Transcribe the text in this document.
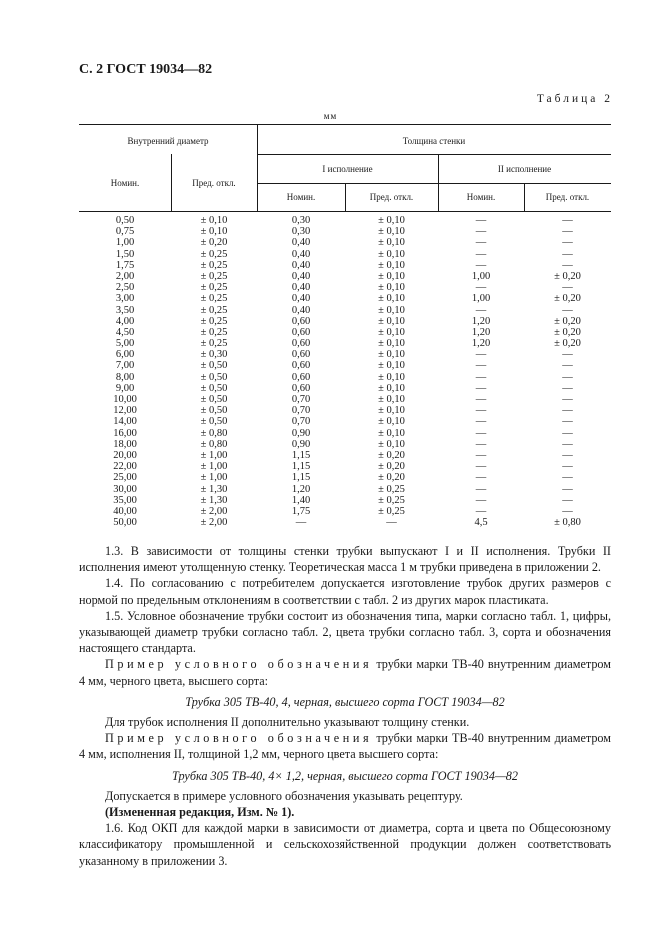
С. 2 ГОСТ 19034—82
Таблица 2
мм
Внутренний диаметр	Толщина стенки
Номин.	Пред. откл.
I исполнение	II исполнение
Номин.	Пред. откл.	Номин.	Пред. откл.
0,50	± 0,10	0,30	± 0,10	—	—
0,75	± 0,10	0,30	± 0,10	—	—
1,00	± 0,20	0,40	± 0,10	—	—
1,50	± 0,25	0,40	± 0,10	—	—
1,75	± 0,25	0,40	± 0,10	—	—
2,00	± 0,25	0,40	± 0,10	1,00	± 0,20
2,50	± 0,25	0,40	± 0,10	—	—
3,00	± 0,25	0,40	± 0,10	1,00	± 0,20
3,50	± 0,25	0,40	± 0,10	—	—
4,00	± 0,25	0,60	± 0,10	1,20	± 0,20
4,50	± 0,25	0,60	± 0,10	1,20	± 0,20
5,00	± 0,25	0,60	± 0,10	1,20	± 0,20
6,00	± 0,30	0,60	± 0,10	—	—
7,00	± 0,50	0,60	± 0,10	—	—
8,00	± 0,50	0,60	± 0,10	—	—
9,00	± 0,50	0,60	± 0,10	—	—
10,00	± 0,50	0,70	± 0,10	—	—
12,00	± 0,50	0,70	± 0,10	—	—
14,00	± 0,50	0,70	± 0,10	—	—
16,00	± 0,80	0,90	± 0,10	—	—
18,00	± 0,80	0,90	± 0,10	—	—
20,00	± 1,00	1,15	± 0,20	—	—
22,00	± 1,00	1,15	± 0,20	—	—
25,00	± 1,00	1,15	± 0,20	—	—
30,00	± 1,30	1,20	± 0,25	—	—
35,00	± 1,30	1,40	± 0,25	—	—
40,00	± 2,00	1,75	± 0,25	—	—
50,00	± 2,00	—	—	4,5	± 0,80

1.3. В зависимости от толщины стенки трубки выпускают I и II исполнения. Трубки II исполнения имеют утолщенную стенку. Теоретическая масса 1 м трубки приведена в приложении 2.

1.4. По согласованию с потребителем допускается изготовление трубок других размеров с нормой по предельным отклонениям в соответствии с табл. 2 из других марок пластиката.

1.5. Условное обозначение трубки состоит из обозначения типа, марки согласно табл. 1, цифры, указывающей диаметр трубки согласно табл. 2, цвета трубки согласно табл. 3, сорта и обозначения настоящего стандарта.

Пример условного обозначения трубки марки ТВ-40 внутренним диаметром 4 мм, черного цвета, высшего сорта:

Трубка 305 ТВ-40, 4, черная, высшего сорта ГОСТ 19034—82

Для трубок исполнения II дополнительно указывают толщину стенки.

Пример условного обозначения трубки марки ТВ-40 внутренним диаметром 4 мм, исполнения II, толщиной 1,2 мм, черного цвета высшего сорта:

Трубка 305 ТВ-40, 4× 1,2, черная, высшего сорта ГОСТ 19034—82

Допускается в примере условного обозначения указывать рецептуру.

(Измененная редакция, Изм. № 1).

1.6. Код ОКП для каждой марки в зависимости от диаметра, сорта и цвета по Общесоюзному классификатору промышленной и сельскохозяйственной продукции должен соответствовать указанному в приложении 3.
